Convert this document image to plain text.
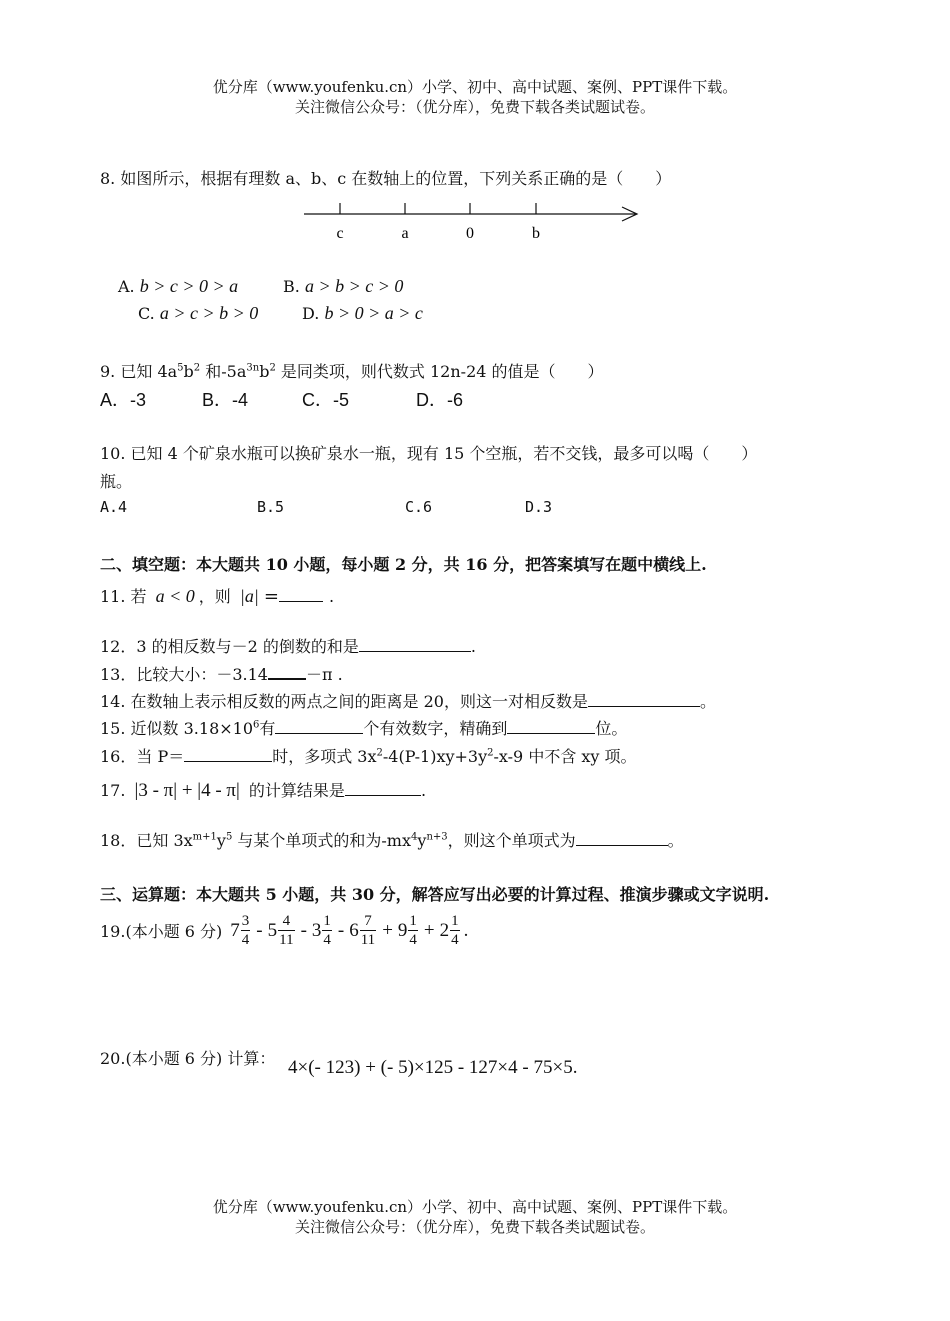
优分库（www.youfenku.cn）小学、初中、高中试题、案例、PPT课件下载。
关注微信公众号：（优分库），免费下载各类试题试卷。
8. 如图所示，根据有理数 a、b、c 在数轴上的位置，下列关系正确的是（　　）
c	a	0	b
A. b > c > 0 > a	B. a > b > c > 0
C. a > c > b > 0	D. b > 0 > a > c
9. 已知 $4a^5b^2$ 和$-5a^{3n}b^2$ 是同类项，则代数式 12n-24 的值是（　　）
A．-3	B．-4	C．-5	D．-6
10. 已知 4 个矿泉水瓶可以换矿泉水一瓶，现有 15 个空瓶，若不交钱，最多可以喝（　　）
瓶。
A.4	B.5	C.6	D.3
二、填空题：本大题共 10 小题，每小题 2 分，共 16 分，把答案填写在题中横线上.
11. 若 a < 0 ，则 |a| =	.
12．3 的相反数与－2 的倒数的和是	.
13．比较大小：－3.14 －π .
14. 在数轴上表示相反数的两点之间的距离是 20，则这一对相反数是	。
15. 近似数 $3.18\times 10^6$有	个有效数字，精确到	位。
16．当 P＝	时，多项式 $3x^2-4(P-1)xy+3y^2-x-9$ 中不含 xy 项。
17. |3 - π| + |4 - π| 的计算结果是	.
18．已知 $3x^{m+1}y^5$ 与某个单项式的和为$-mx^4y^{n+3}$，则这个单项式为	。
三、运算题：本大题共 5 小题，共 30 分，解答应写出必要的计算过程、推演步骤或文字说明.
19.(本小题 6 分) $7 \frac{3}{4} - 5 \frac{4}{11} - 3 \frac{1}{4} - 6 \frac{7}{11} + 9 \frac{1}{4} + 2 \frac{1}{4}$ .
20.(本小题 6 分) 计算： 4×(- 123) + (- 5)×125 - 127×4 - 75×5.
优分库（www.youfenku.cn）小学、初中、高中试题、案例、PPT课件下载。
关注微信公众号：（优分库），免费下载各类试题试卷。
